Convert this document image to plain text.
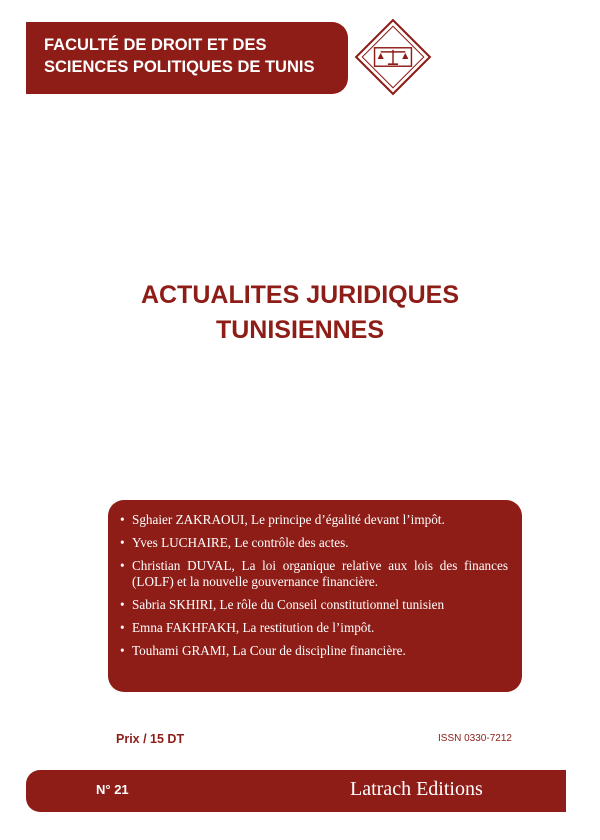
FACULTÉ DE DROIT ET DES
SCIENCES POLITIQUES DE TUNIS
ACTUALITES JURIDIQUES
TUNISIENNES
• Sghaier ZAKRAOUI, Le principe d’égalité devant l’impôt.
• Yves LUCHAIRE, Le contrôle des actes.
• Christian DUVAL, La loi organique relative aux lois des finances (LOLF) et la nouvelle gouvernance financière.
• Sabria SKHIRI, Le rôle du Conseil constitutionnel tunisien
• Emna FAKHFAKH, La restitution de l’impôt.
• Touhami GRAMI, La Cour de discipline financière.
Prix / 15 DT	ISSN 0330-7212
N° 21	Latrach Editions
